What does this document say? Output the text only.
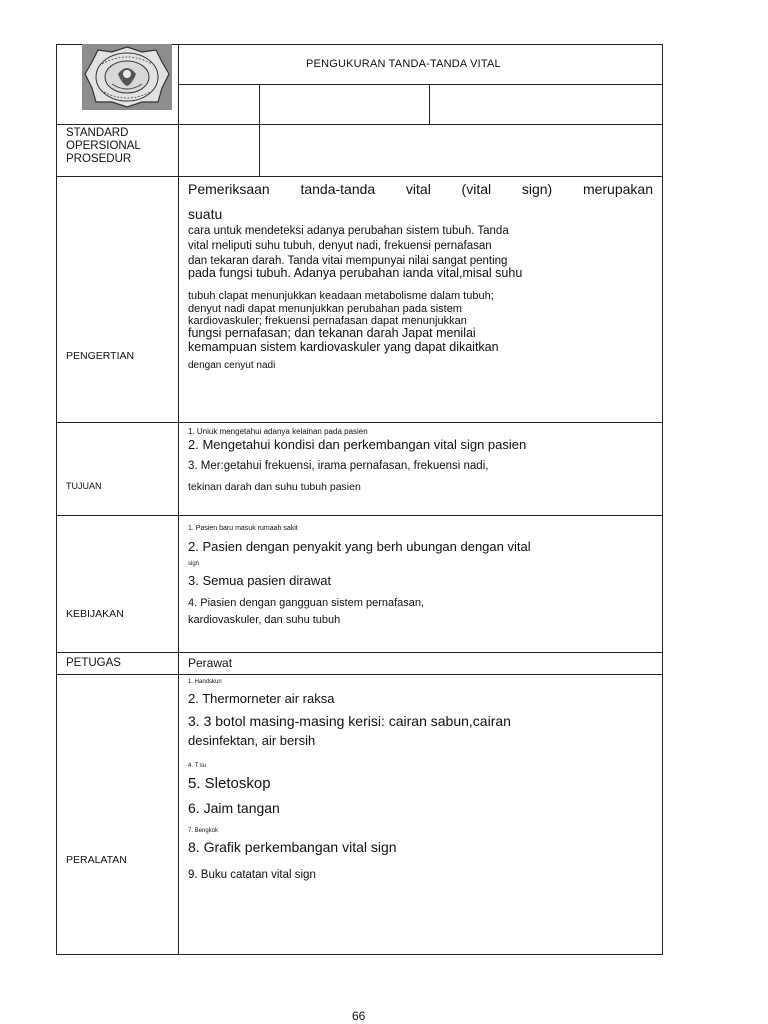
PENGUKURAN TANDA-TANDA VITAL
STANDARD
OPERSIONAL
PROSEDUR
PENGERTIAN
Pemeriksaan tanda-tanda vital (vital sign) merupakan
suatu
cara untuk mendeteksi adanya perubahan sistem tubuh. Tanda
vital rneliputi suhu tubuh, denyut nadi, frekuensi pernafasan
dan tekaran darah. Tanda vitai mempunyai nilai sangat penting
pada fungsi tubuh. Adanya perubahan ianda vital,misal suhu
tubuh clapat menunjukkan keadaan metabolisme dalam tubuh;
denyut nadi dapat menunjukkan perubahan pada sistem
kardiovaskuler; frekuensi pernafasan dapat menunjukkan
fungsi pernafasan; dan tekanan darah Japat menilai
kemampuan sistem kardiovaskuler yang dapat dikaitkan
dengan cenyut nadi
TUJUAN
1. Uniuk mengetahui adanya kelainan pada pasien
2. Mengetahui kondisi dan perkembangan vital sign pasien
3. Mer:getahui frekuensi, irama pernafasan, frekuensi nadi,
tekinan darah dan suhu tubuh pasien
KEBIJAKAN
1. Pasien baru masuk rumaah sakit
2. Pasien dengan penyakit yang berh ubungan dengan vital
sign
3. Semua pasien dirawat
4. Piasien dengan gangguan sistem pernafasan,
kardiovaskuler, dan suhu tubuh
PETUGAS	Perawat
PERALATAN
1. Handskun
2. Thermorneter air raksa
3. 3 botol masing-masing kerisi: cairan sabun,cairan
desinfektan, air bersih
4. T su
5. Sletoskop
6. Jaim tangan
7. Bengkok
8. Grafik perkembangan vital sign
9. Buku catatan vital sign
66
